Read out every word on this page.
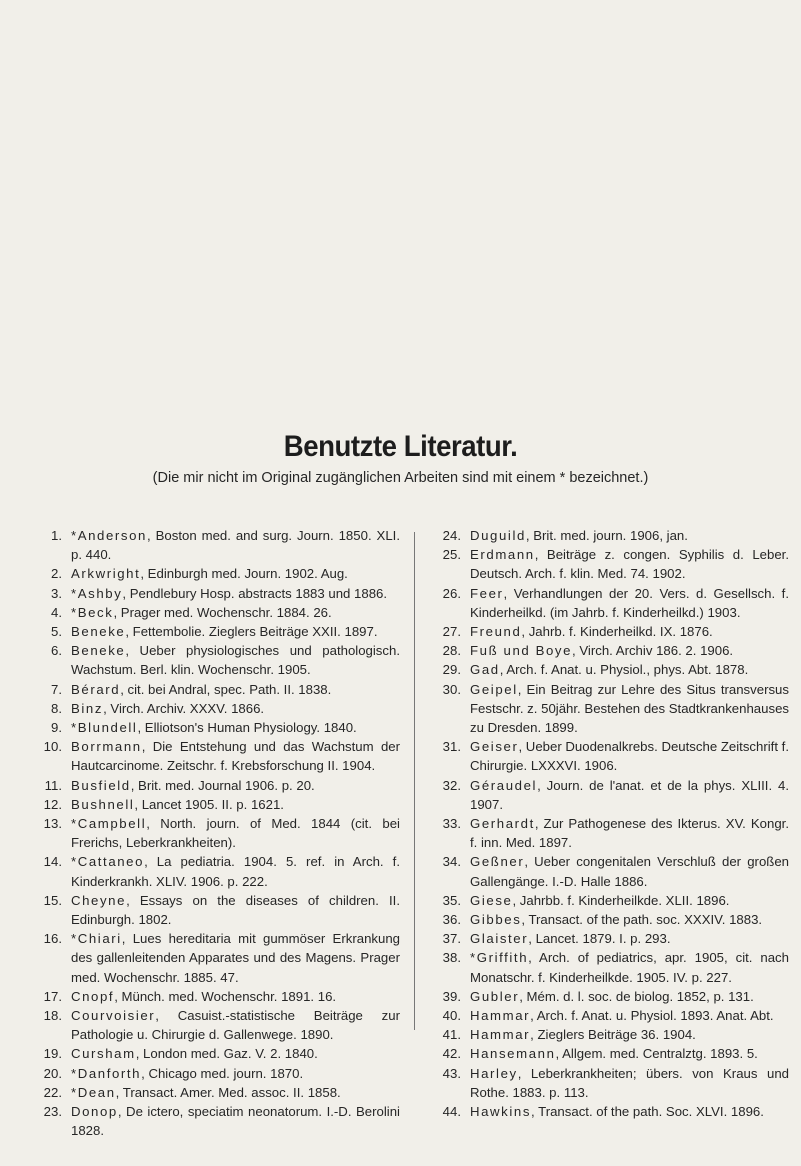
Benutzte Literatur.
(Die mir nicht im Original zugänglichen Arbeiten sind mit einem * bezeichnet.)
1. *Anderson, Boston med. and surg. Journ. 1850. XLI. p. 440.
2. Arkwright, Edinburgh med. Journ. 1902. Aug.
3. *Ashby, Pendlebury Hosp. abstracts 1883 und 1886.
4. *Beck, Prager med. Wochenschr. 1884. 26.
5. Beneke, Fettembolie. Zieglers Beiträge XXII. 1897.
6. Beneke, Ueber physiologisches und pathologisch. Wachstum. Berl. klin. Wochenschr. 1905.
7. Bérard, cit. bei Andral, spec. Path. II. 1838.
8. Binz, Virch. Archiv. XXXV. 1866.
9. *Blundell, Elliotson's Human Physiology. 1840.
10. Borrmann, Die Entstehung und das Wachstum der Hautcarcinome. Zeitschr. f. Krebsforschung II. 1904.
11. Busfield, Brit. med. Journal 1906. p. 20.
12. Bushnell, Lancet 1905. II. p. 1621.
13. *Campbell, North. journ. of Med. 1844 (cit. bei Frerichs, Leberkrankheiten).
14. *Cattaneo, La pediatria. 1904. 5. ref. in Arch. f. Kinderkrankh. XLIV. 1906. p. 222.
15. Cheyne, Essays on the diseases of children. II. Edinburgh. 1802.
16. *Chiari, Lues hereditaria mit gummöser Erkrankung des gallenleitenden Apparates und des Magens. Prager med. Wochenschr. 1885. 47.
17. Cnopf, Münch. med. Wochenschr. 1891. 16.
18. Courvoisier, Casuist.-statistische Beiträge zur Pathologie u. Chirurgie d. Gallenwege. 1890.
19. Cursham, London med. Gaz. V. 2. 1840.
20. *Danforth, Chicago med. journ. 1870.
22. *Dean, Transact. Amer. Med. assoc. II. 1858.
23. Donop, De ictero, speciatim neonatorum. I.-D. Berolini 1828.
24. Duguild, Brit. med. journ. 1906, jan.
25. Erdmann, Beiträge z. congen. Syphilis d. Leber. Deutsch. Arch. f. klin. Med. 74. 1902.
26. Feer, Verhandlungen der 20. Vers. d. Gesellsch. f. Kinderheilkd. (im Jahrb. f. Kinderheilkd.) 1903.
27. Freund, Jahrb. f. Kinderheilkd. IX. 1876.
28. Fuß und Boye, Virch. Archiv 186. 2. 1906.
29. Gad, Arch. f. Anat. u. Physiol., phys. Abt. 1878.
30. Geipel, Ein Beitrag zur Lehre des Situs transversus Festschr. z. 50jähr. Bestehen des Stadtkrankenhauses zu Dresden. 1899.
31. Geiser, Ueber Duodenalkrebs. Deutsche Zeitschrift f. Chirurgie. LXXXVI. 1906.
32. Géraudel, Journ. de l'anat. et de la phys. XLIII. 4. 1907.
33. Gerhardt, Zur Pathogenese des Ikterus. XV. Kongr. f. inn. Med. 1897.
34. Geßner, Ueber congenitalen Verschluß der großen Gallengänge. I.-D. Halle 1886.
35. Giese, Jahrbb. f. Kinderheilkde. XLII. 1896.
36. Gibbes, Transact. of the path. soc. XXXIV. 1883.
37. Glaister, Lancet. 1879. I. p. 293.
38. *Griffith, Arch. of pediatrics, apr. 1905, cit. nach Monatschr. f. Kinderheilkde. 1905. IV. p. 227.
39. Gubler, Mém. d. l. soc. de biolog. 1852, p. 131.
40. Hammar, Arch. f. Anat. u. Physiol. 1893. Anat. Abt.
41. Hammar, Zieglers Beiträge 36. 1904.
42. Hansemann, Allgem. med. Centralztg. 1893. 5.
43. Harley, Leberkrankheiten; übers. von Kraus und Rothe. 1883. p. 113.
44. Hawkins, Transact. of the path. Soc. XLVI. 1896.
